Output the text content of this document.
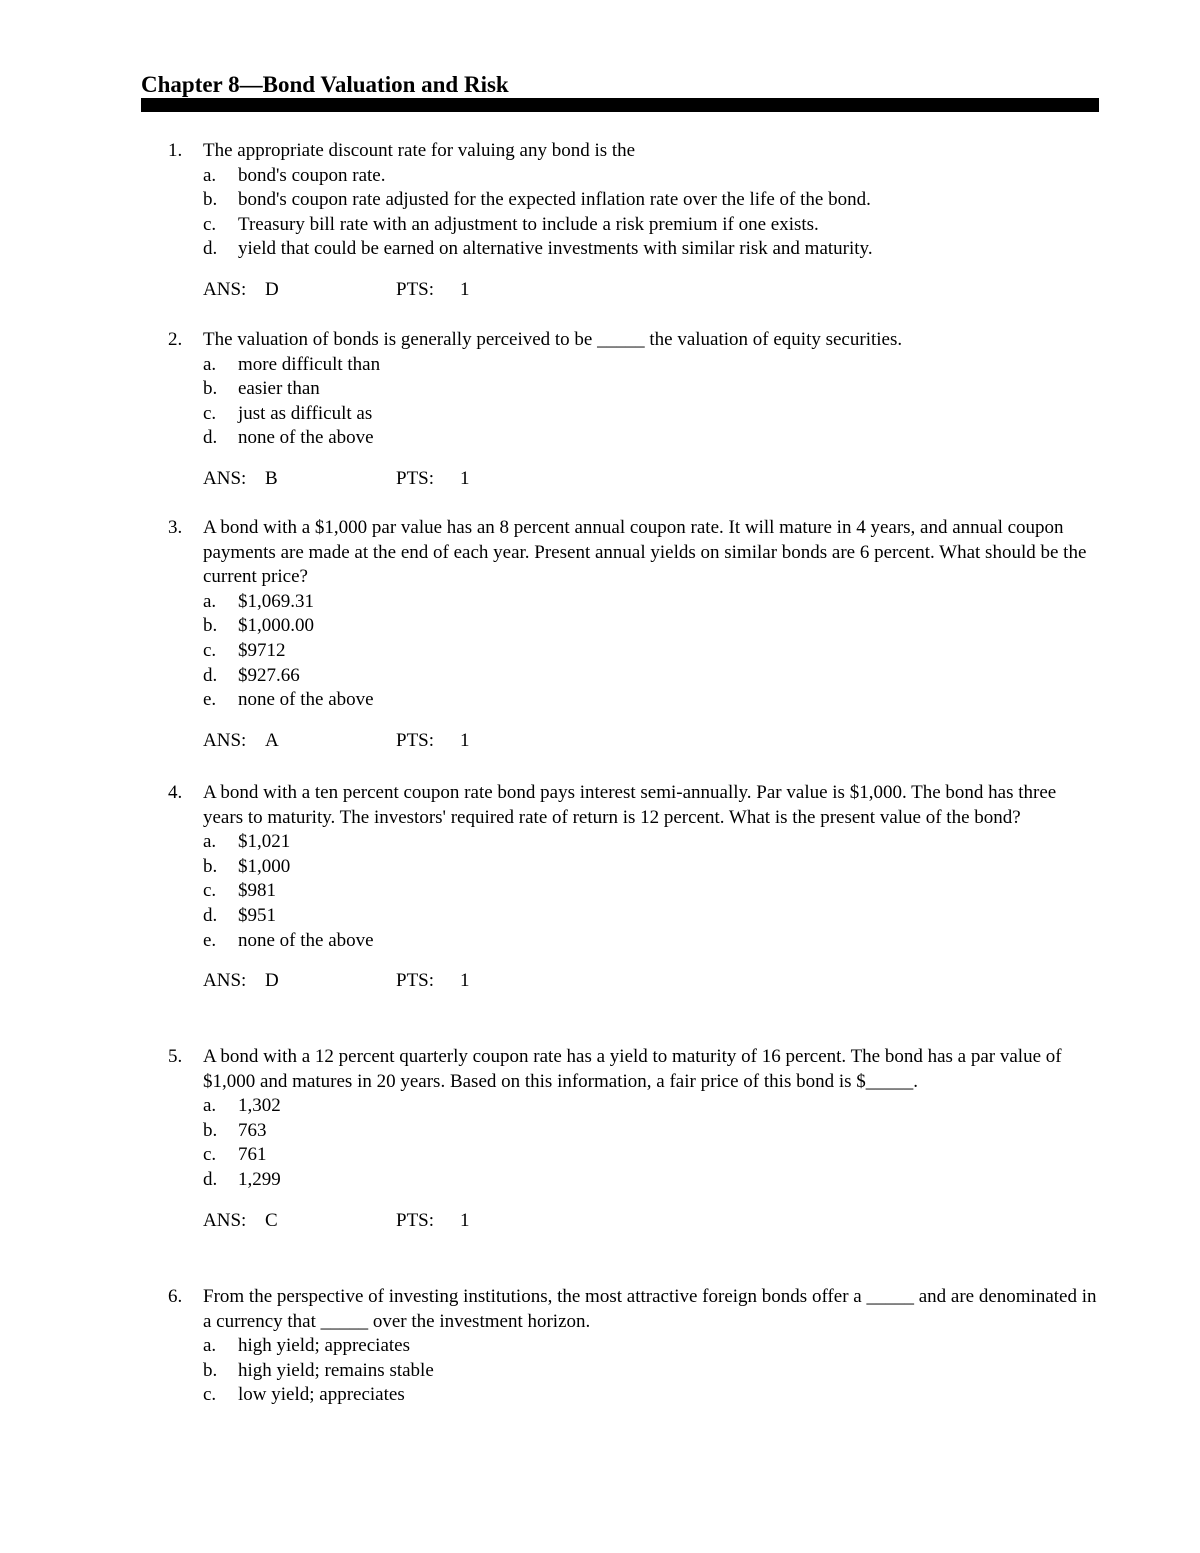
Chapter 8—Bond Valuation and Risk
1.	The appropriate discount rate for valuing any bond is the
a.	bond's coupon rate.
b.	bond's coupon rate adjusted for the expected inflation rate over the life of the bond.
c.	Treasury bill rate with an adjustment to include a risk premium if one exists.
d.	yield that could be earned on alternative investments with similar risk and maturity.
ANS: D	PTS:	1
2.	The valuation of bonds is generally perceived to be _____ the valuation of equity securities.
a.	more difficult than
b.	easier than
c.	just as difficult as
d.	none of the above
ANS: B	PTS:	1
3.	A bond with a $1,000 par value has an 8 percent annual coupon rate. It will mature in 4 years, and annual coupon payments are made at the end of each year. Present annual yields on similar bonds are 6 percent. What should be the current price?
a.	$1,069.31
b.	$1,000.00
c.	$9712
d.	$927.66
e.	none of the above
ANS: A	PTS:	1
4.	A bond with a ten percent coupon rate bond pays interest semi-annually. Par value is $1,000. The bond has three years to maturity. The investors' required rate of return is 12 percent. What is the present value of the bond?
a.	$1,021
b.	$1,000
c.	$981
d.	$951
e.	none of the above
ANS: D	PTS:	1
5.	A bond with a 12 percent quarterly coupon rate has a yield to maturity of 16 percent. The bond has a par value of $1,000 and matures in 20 years. Based on this information, a fair price of this bond is $_____.
a.	1,302
b.	763
c.	761
d.	1,299
ANS: C	PTS:	1
6.	From the perspective of investing institutions, the most attractive foreign bonds offer a _____ and are denominated in a currency that _____ over the investment horizon.
a.	high yield; appreciates
b.	high yield; remains stable
c.	low yield; appreciates
